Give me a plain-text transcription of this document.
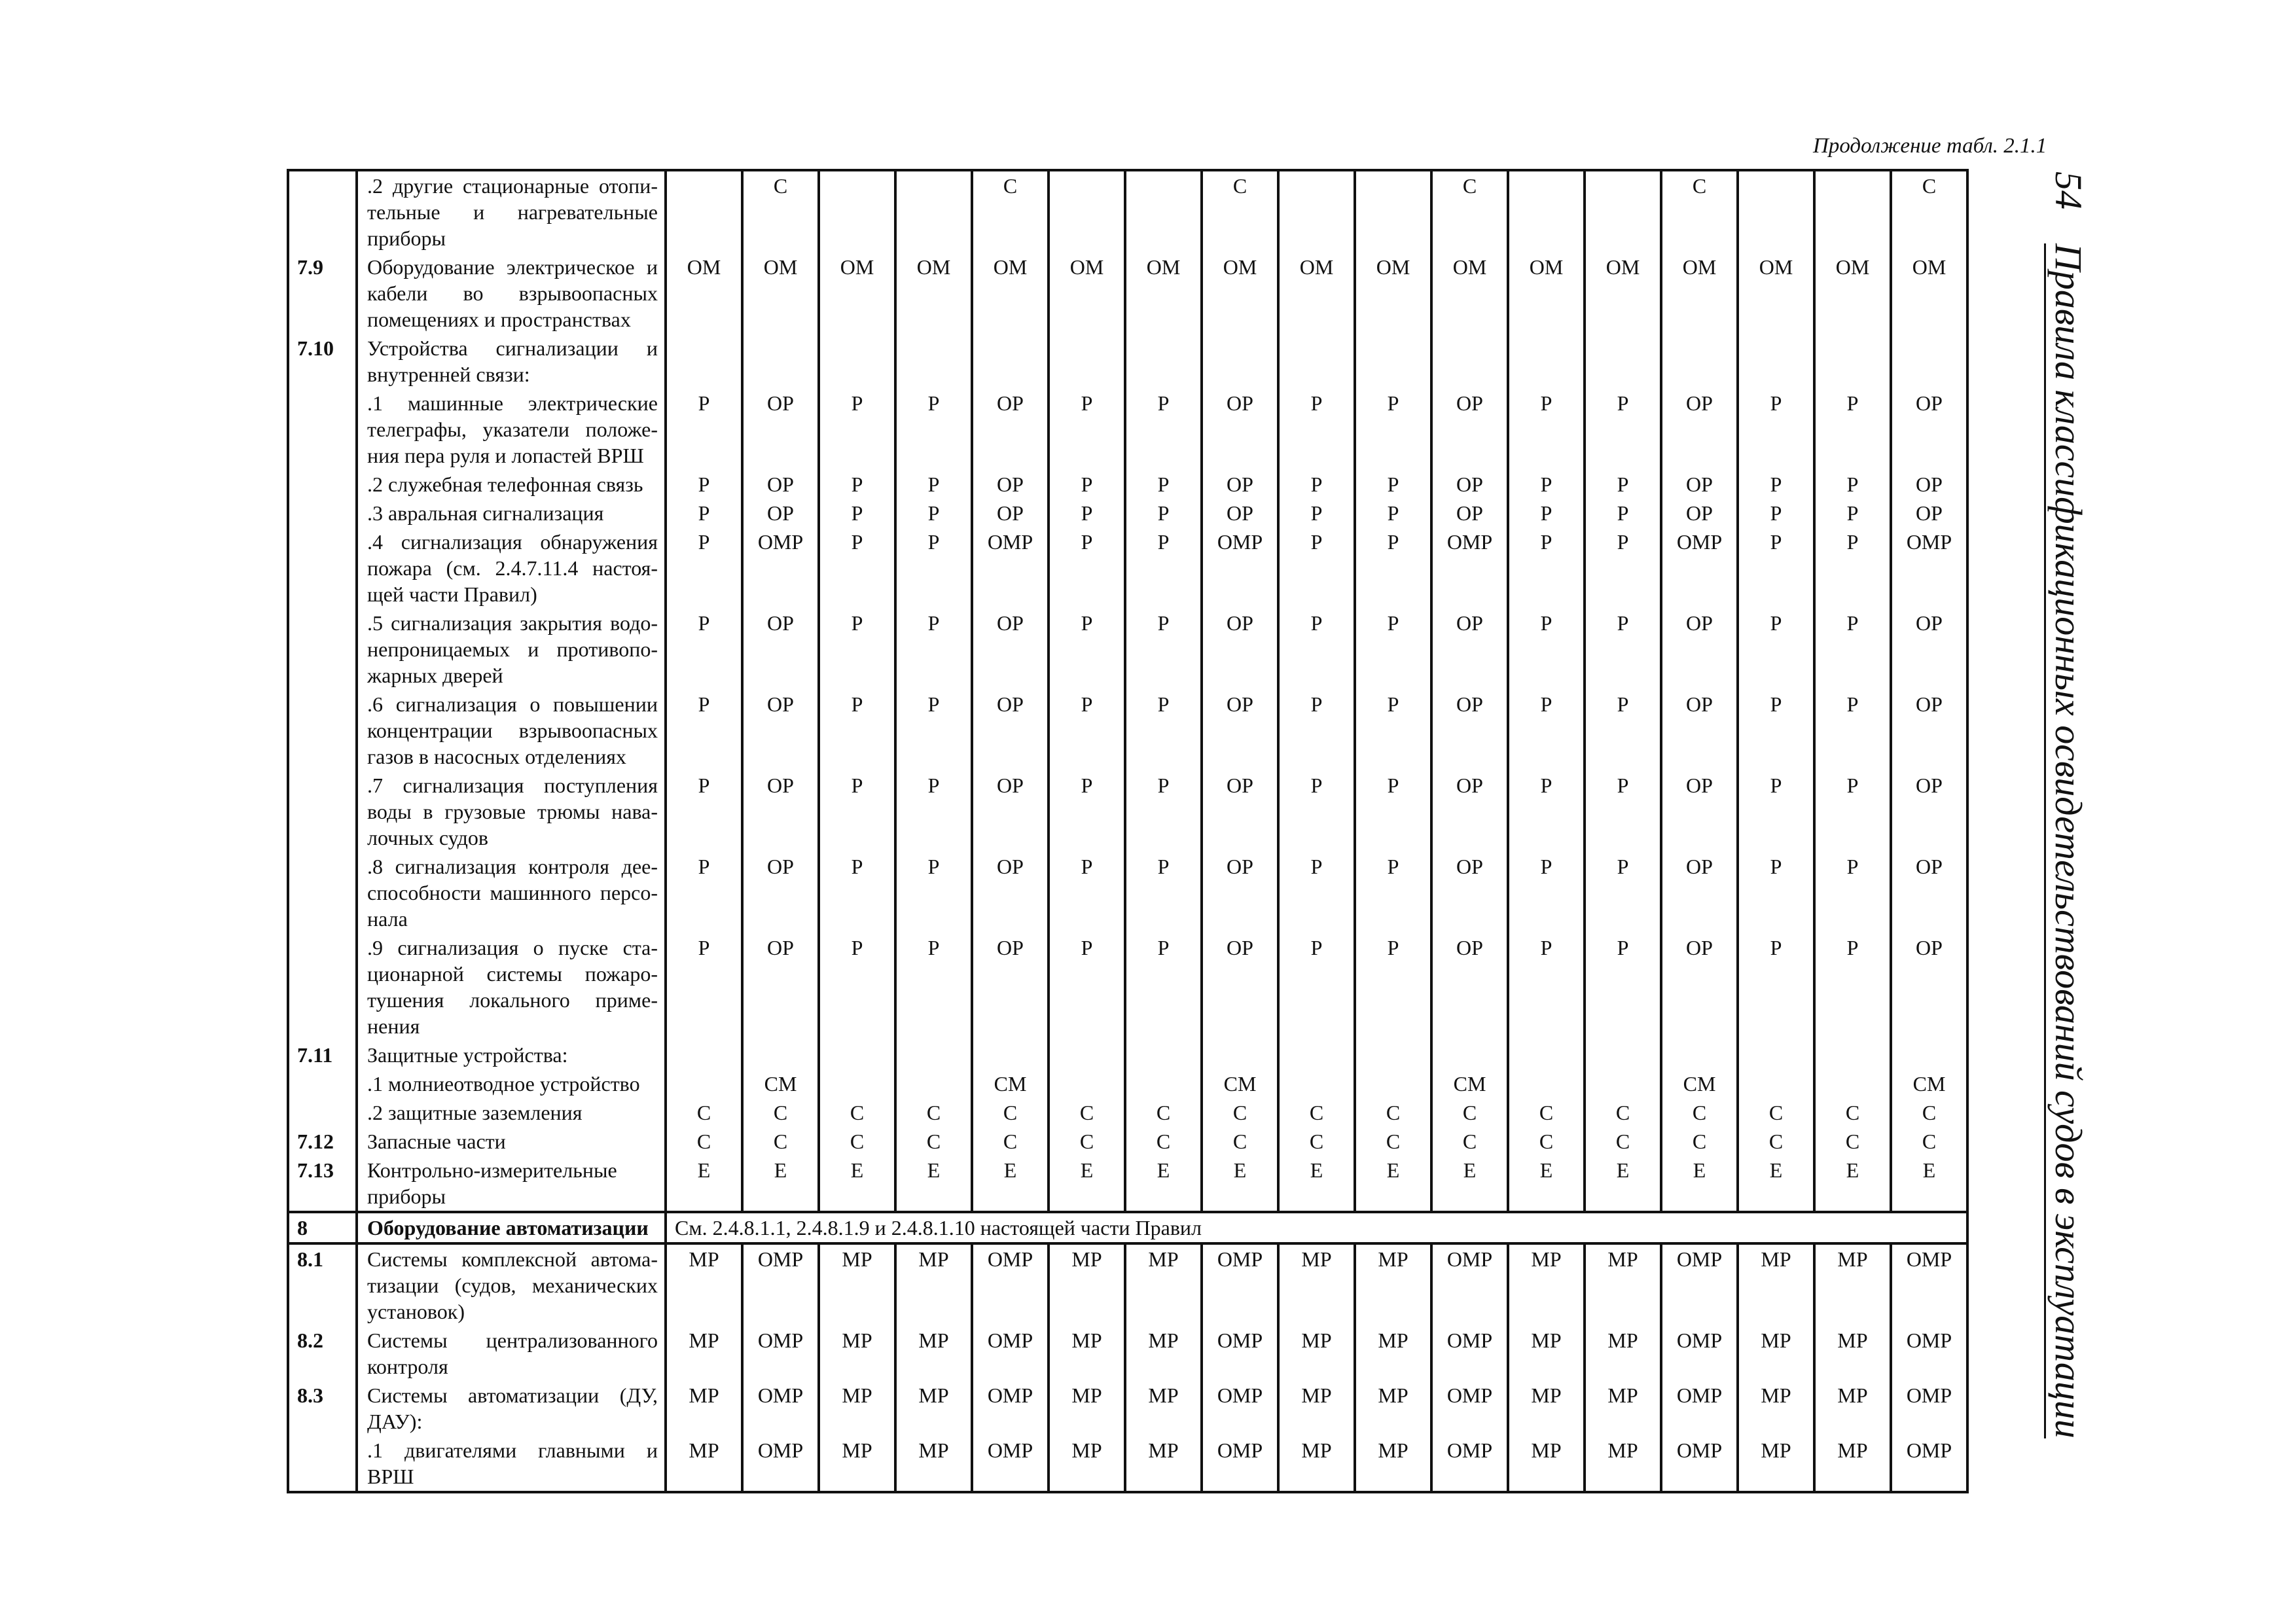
Продолжение табл. 2.1.1
54Правила классификационных освидетельствований судов в эксплуатации

	.2 другие стационарные отопи-
тельные и нагревательные
приборы		C			C			C			C			C			C
7.9	Оборудование электрическое и
кабели во взрывоопасных
помещениях и пространствах	OM	OM	OM	OM	OM	OM	OM	OM	OM	OM	OM	OM	OM	OM	OM	OM	OM
7.10	Устройства сигнализации и
внутренней связи:																	

	.1 машинные электрические
телеграфы, указатели положе-
ния пера руля и лопастей ВРШ	P	OP	P	P	OP	P	P	OP	P	P	OP	P	P	OP	P	P	OP

	.2 служебная телефонная связь	P	OP	P	P	OP	P	P	OP	P	P	OP	P	P	OP	P	P	OP

	.3 авральная сигнализация	P	OP	P	P	OP	P	P	OP	P	P	OP	P	P	OP	P	P	OP

	.4 сигнализация обнаружения
пожара (см. 2.4.7.11.4 настоя-
щей части Правил)	P	OMP	P	P	OMP	P	P	OMP	P	P	OMP	P	P	OMP	P	P	OMP

	.5 сигнализация закрытия водо-
непроницаемых и противопо-
жарных дверей	P	OP	P	P	OP	P	P	OP	P	P	OP	P	P	OP	P	P	OP

	.6 сигнализация о повышении
концентрации взрывоопасных
газов в насосных отделениях	P	OP	P	P	OP	P	P	OP	P	P	OP	P	P	OP	P	P	OP

	.7 сигнализация поступления
воды в грузовые трюмы нава-
лочных судов	P	OP	P	P	OP	P	P	OP	P	P	OP	P	P	OP	P	P	OP

	.8 сигнализация контроля дее-
способности машинного персо-
нала	P	OP	P	P	OP	P	P	OP	P	P	OP	P	P	OP	P	P	OP

	.9 сигнализация о пуске ста-
ционарной системы пожаро-
тушения локального приме-
нения	P	OP	P	P	OP	P	P	OP	P	P	OP	P	P	OP	P	P	OP
7.11	Защитные устройства:																	

	.1 молниеотводное устройство		CM			CM			CM			CM			CM			CM

	.2 защитные заземления	C	C	C	C	C	C	C	C	C	C	C	C	C	C	C	C	C
7.12	Запасные части	C	C	C	C	C	C	C	C	C	C	C	C	C	C	C	C	C
7.13	Контрольно-измерительные
приборы	E	E	E	E	E	E	E	E	E	E	E	E	E	E	E	E	E
8	Оборудование автоматизации	См. 2.4.8.1.1, 2.4.8.1.9 и 2.4.8.1.10 настоящей части Правил																
8.1	Системы комплексной автома-
тизации (судов, механических
установок)	MP	OMP	MP	MP	OMP	MP	MP	OMP	MP	MP	OMP	MP	MP	OMP	MP	MP	OMP
8.2	Системы централизованного
контроля	MP	OMP	MP	MP	OMP	MP	MP	OMP	MP	MP	OMP	MP	MP	OMP	MP	MP	OMP
8.3	Системы автоматизации (ДУ,
ДАУ):	MP	OMP	MP	MP	OMP	MP	MP	OMP	MP	MP	OMP	MP	MP	OMP	MP	MP	OMP

	.1 двигателями главными и ВРШ	MP	OMP	MP	MP	OMP	MP	MP	OMP	MP	MP	OMP	MP	MP	OMP	MP	MP	OMP
